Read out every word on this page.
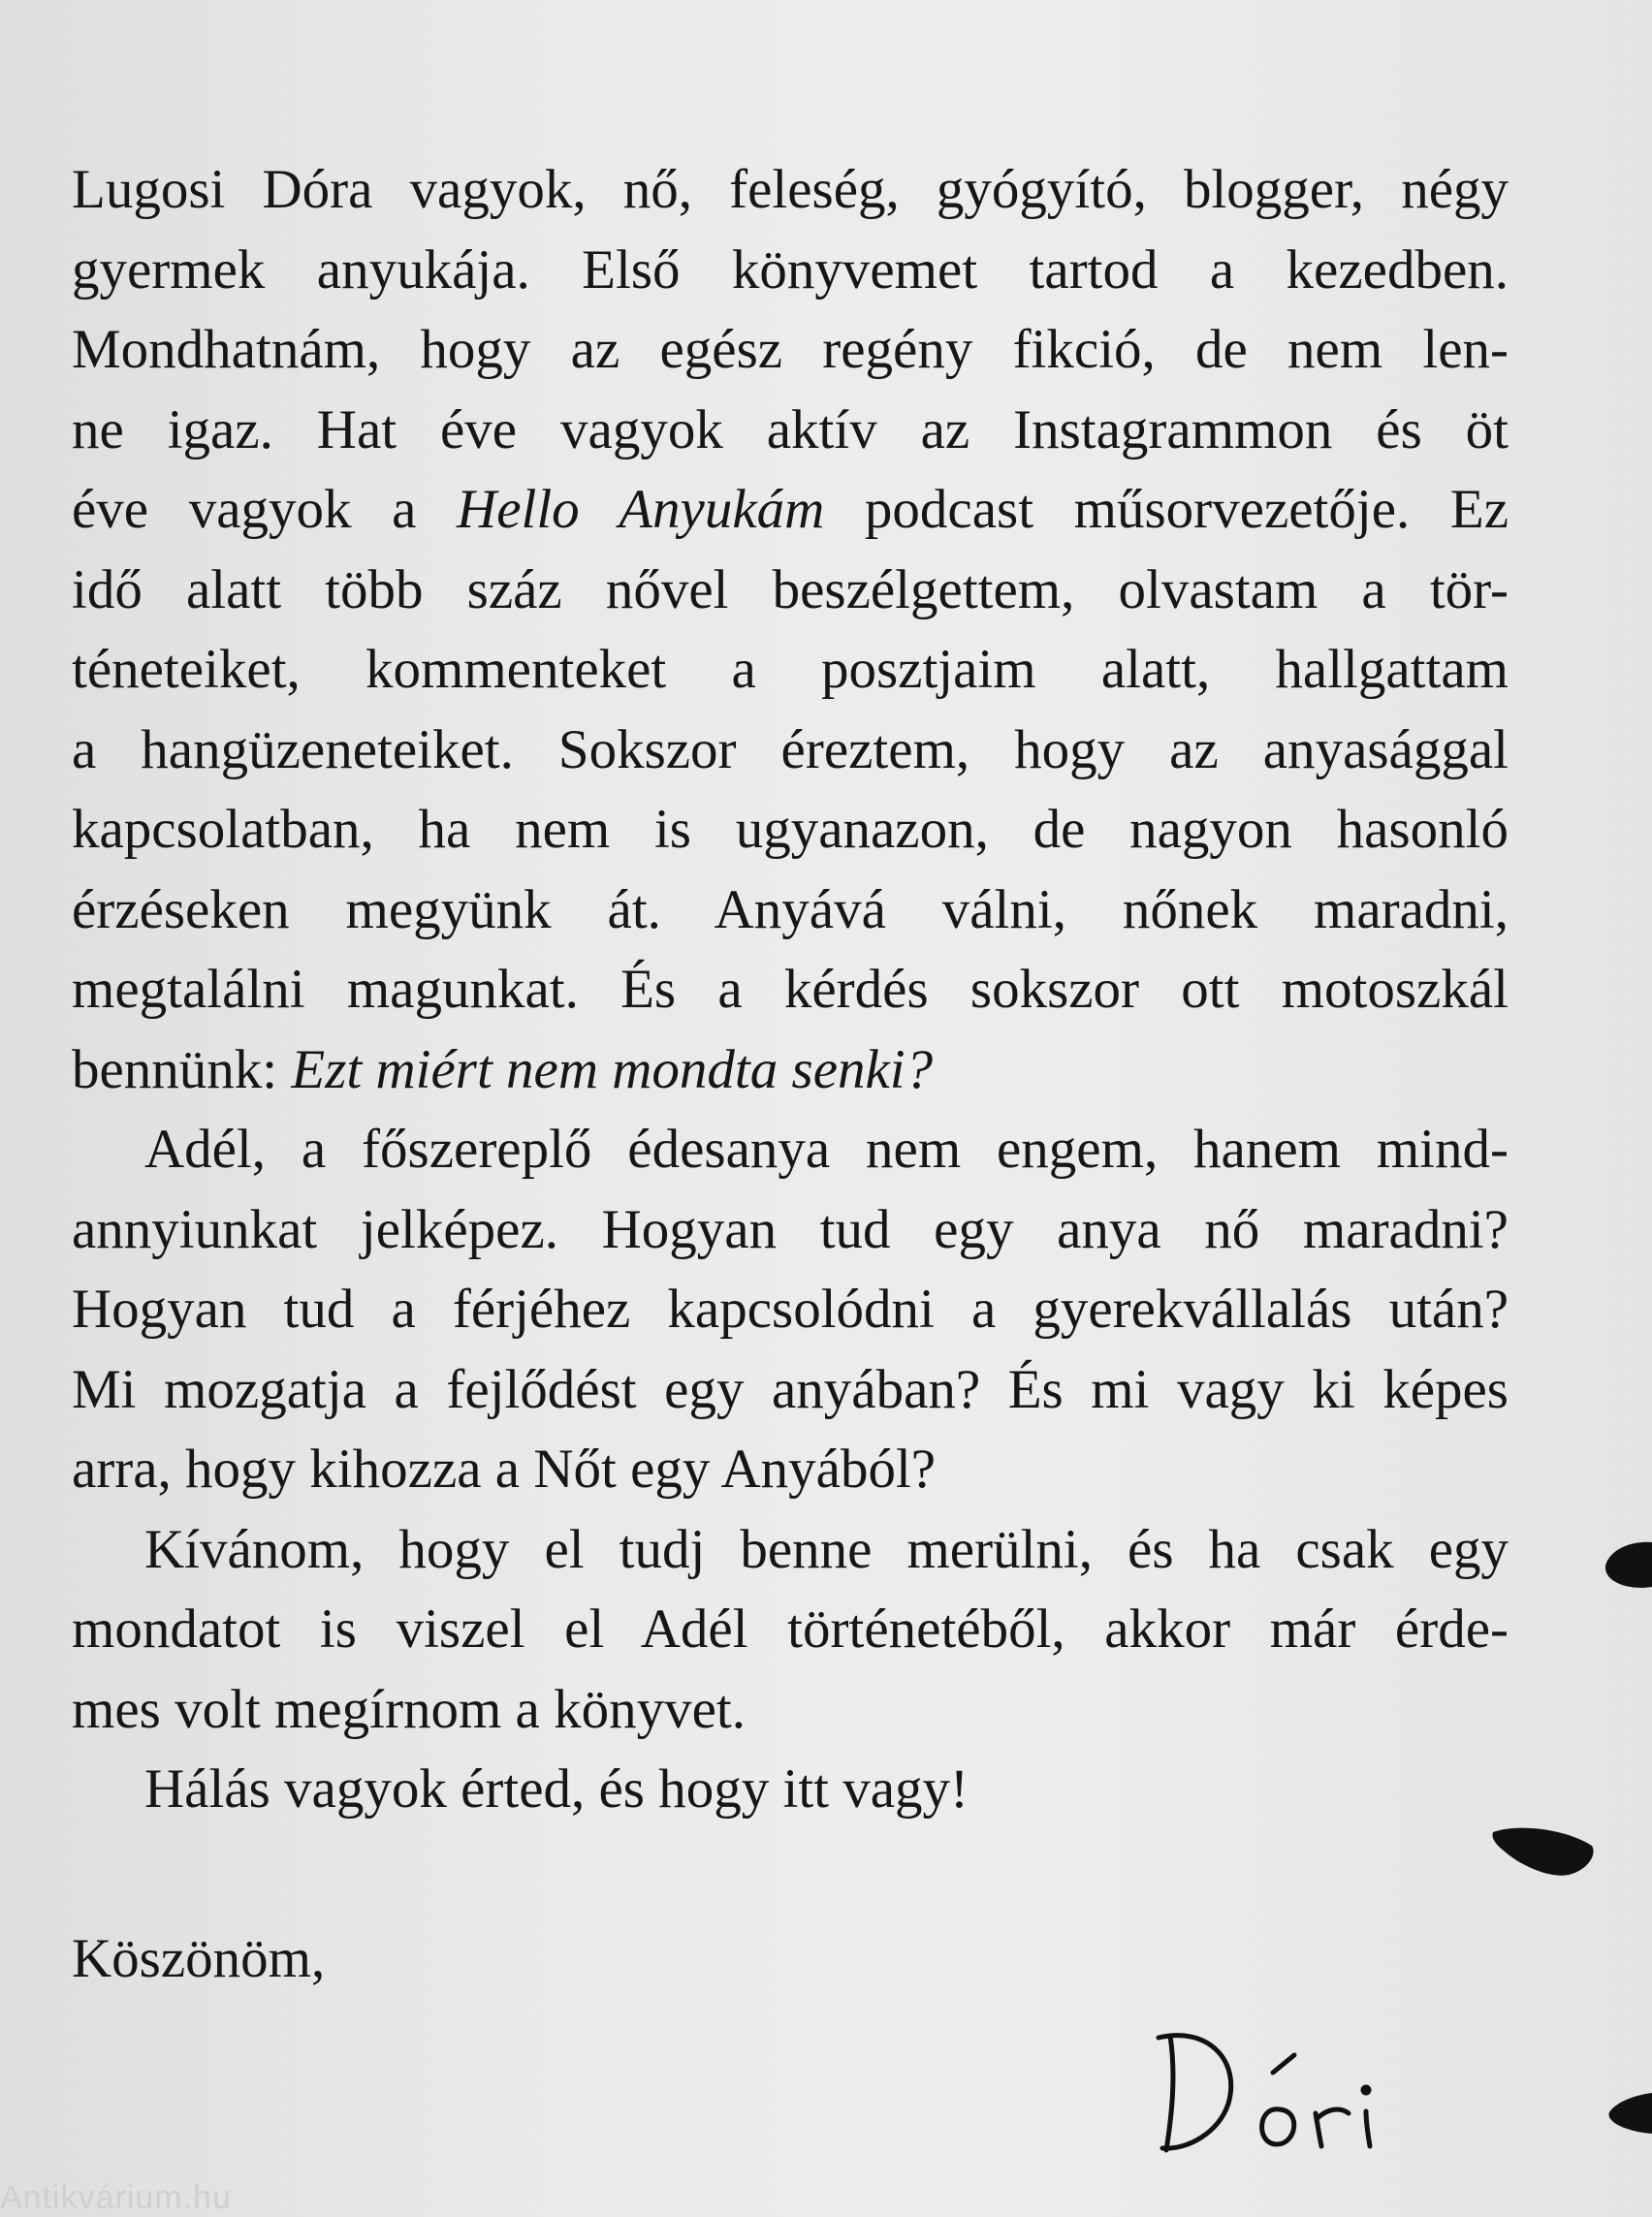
Lugosi Dóra vagyok, nő, feleség, gyógyító, blogger, négy
gyermek anyukája. Első könyvemet tartod a kezedben.
Mondhatnám, hogy az egész regény fikció, de nem len-
ne igaz. Hat éve vagyok aktív az Instagrammon és öt
éve vagyok a Hello Anyukám podcast műsorvezetője. Ez
idő alatt több száz nővel beszélgettem, olvastam a tör-
téneteiket, kommenteket a posztjaim alatt, hallgattam
a hangüzeneteiket. Sokszor éreztem, hogy az anyasággal
kapcsolatban, ha nem is ugyanazon, de nagyon hasonló
érzéseken megyünk át. Anyává válni, nőnek maradni,
megtalálni magunkat. És a kérdés sokszor ott motoszkál
bennünk: Ezt miért nem mondta senki?
Adél, a főszereplő édesanya nem engem, hanem mind-
annyiunkat jelképez. Hogyan tud egy anya nő maradni?
Hogyan tud a férjéhez kapcsolódni a gyerekvállalás után?
Mi mozgatja a fejlődést egy anyában? És mi vagy ki képes
arra, hogy kihozza a Nőt egy Anyából?
Kívánom, hogy el tudj benne merülni, és ha csak egy
mondatot is viszel el Adél történetéből, akkor már érde-
mes volt megírnom a könyvet.
Hálás vagyok érted, és hogy itt vagy!
Köszönöm,
Antikvárium.hu
